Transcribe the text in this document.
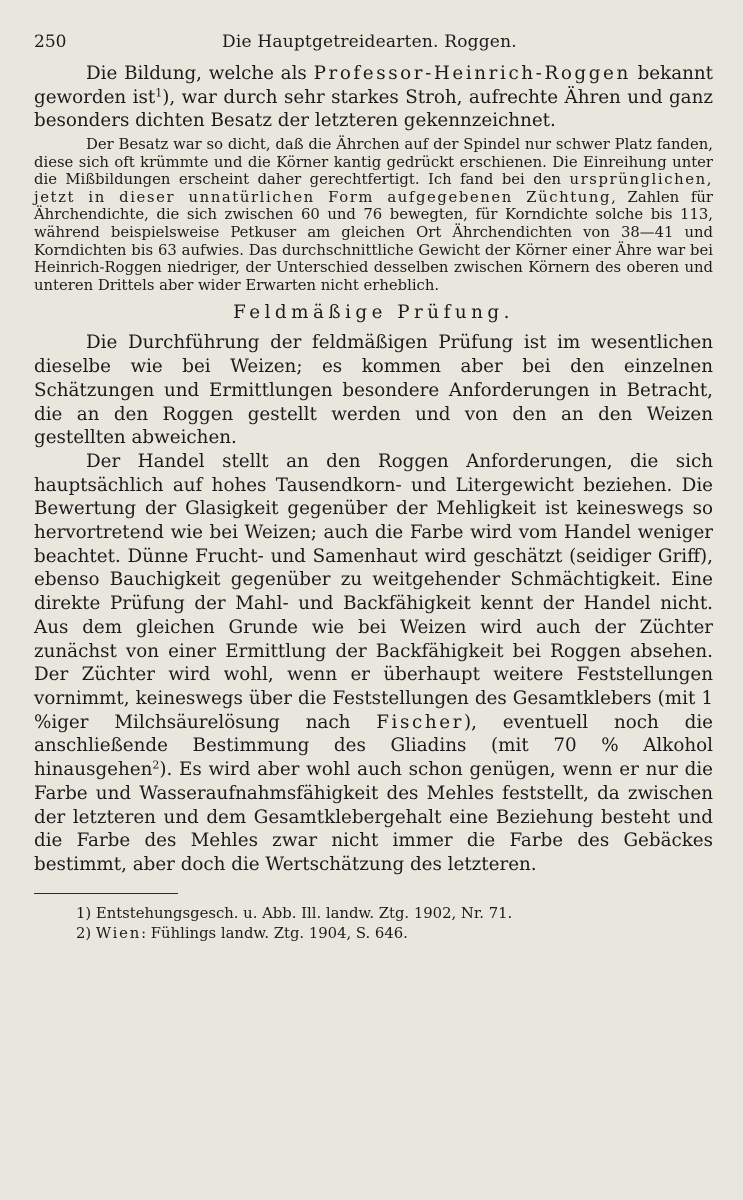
250	Die Hauptgetreidearten. Roggen.

Die Bildung, welche als Professor-Heinrich-Roggen bekannt geworden ist$^1$), war durch sehr starkes Stroh, aufrechte Ähren und ganz besonders dichten Besatz der letzteren gekennzeichnet.

Der Besatz war so dicht, daß die Ährchen auf der Spindel nur schwer Platz fanden, diese sich oft krümmte und die Körner kantig gedrückt erschienen. Die Einreihung unter die Mißbildungen erscheint daher gerechtfertigt. Ich fand bei den ursprünglichen, jetzt in dieser unnatürlichen Form aufgegebenen Züchtung, Zahlen für Ährchendichte, die sich zwischen 60 und 76 bewegten, für Korndichte solche bis 113, während beispielsweise Petkuser am gleichen Ort Ährchendichten von 38—41 und Korndichten bis 63 aufwies. Das durchschnittliche Gewicht der Körner einer Ähre war bei Heinrich-Roggen niedriger, der Unterschied desselben zwischen Körnern des oberen und unteren Drittels aber wider Erwarten nicht erheblich.

Feldmäßige Prüfung.

Die Durchführung der feldmäßigen Prüfung ist im wesentlichen dieselbe wie bei Weizen; es kommen aber bei den einzelnen Schätzungen und Ermittlungen besondere Anforderungen in Betracht, die an den Roggen gestellt werden und von den an den Weizen gestellten abweichen.

Der Handel stellt an den Roggen Anforderungen, die sich hauptsächlich auf hohes Tausendkorn- und Litergewicht beziehen. Die Bewertung der Glasigkeit gegenüber der Mehligkeit ist keineswegs so hervortretend wie bei Weizen; auch die Farbe wird vom Handel weniger beachtet. Dünne Frucht- und Samenhaut wird geschätzt (seidiger Griff), ebenso Bauchigkeit gegenüber zu weitgehender Schmächtigkeit. Eine direkte Prüfung der Mahl- und Backfähigkeit kennt der Handel nicht. Aus dem gleichen Grunde wie bei Weizen wird auch der Züchter zunächst von einer Ermittlung der Backfähigkeit bei Roggen absehen. Der Züchter wird wohl, wenn er überhaupt weitere Feststellungen vornimmt, keineswegs über die Feststellungen des Gesamtklebers (mit 1 %iger Milchsäurelösung nach Fischer), eventuell noch die anschließende Bestimmung des Gliadins (mit 70 % Alkohol hinausgehen$^2$). Es wird aber wohl auch schon genügen, wenn er nur die Farbe und Wasseraufnahmsfähigkeit des Mehles feststellt, da zwischen der letzteren und dem Gesamtklebergehalt eine Beziehung besteht und die Farbe des Mehles zwar nicht immer die Farbe des Gebäckes bestimmt, aber doch die Wertschätzung des letzteren.

1) Entstehungsgesch. u. Abb. Ill. landw. Ztg. 1902, Nr. 71.
2) Wien: Fühlings landw. Ztg. 1904, S. 646.
